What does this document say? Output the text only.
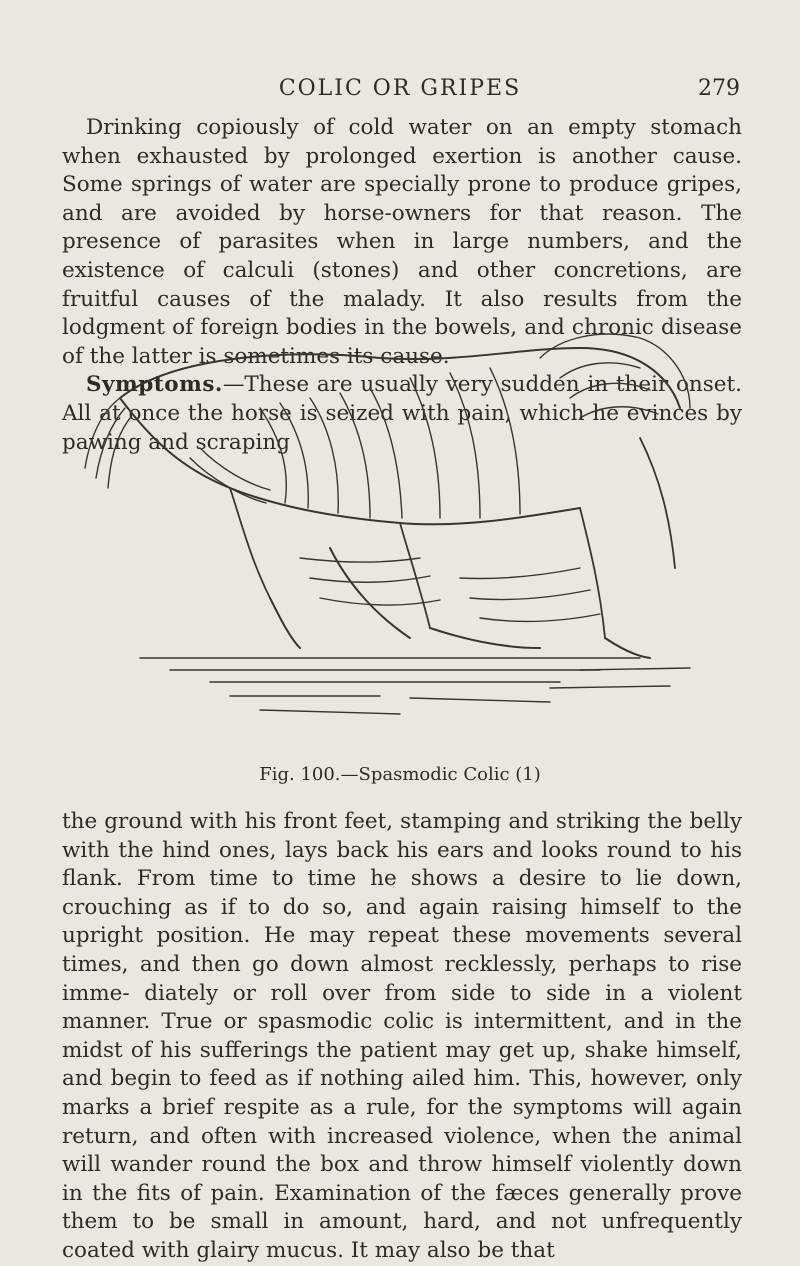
COLIC OR GRIPES	279

Drinking copiously of cold water on an empty stomach when exhausted by prolonged exertion is another cause. Some springs of water are specially prone to produce gripes, and are avoided by horse-owners for that reason. The presence of parasites when in large numbers, and the existence of calculi (stones) and other concretions, are fruitful causes of the malady. It also results from the lodgment of foreign bodies in the bowels, and chronic disease of the latter is sometimes its cause.

Symptoms.—These are usually very sudden in their onset. All at once the horse is seized with pain, which he evinces by pawing and scraping

Fig. 100.—Spasmodic Colic (1)

the ground with his front feet, stamping and striking the belly with the hind ones, lays back his ears and looks round to his flank. From time to time he shows a desire to lie down, crouching as if to do so, and again raising himself to the upright position. He may repeat these movements several times, and then go down almost recklessly, perhaps to rise imme- diately or roll over from side to side in a violent manner. True or spasmodic colic is intermittent, and in the midst of his sufferings the patient may get up, shake himself, and begin to feed as if nothing ailed him. This, however, only marks a brief respite as a rule, for the symptoms will again return, and often with increased violence, when the animal will wander round the box and throw himself violently down in the fits of pain. Examination of the fæces generally prove them to be small in amount, hard, and not unfrequently coated with glairy mucus. It may also be that
